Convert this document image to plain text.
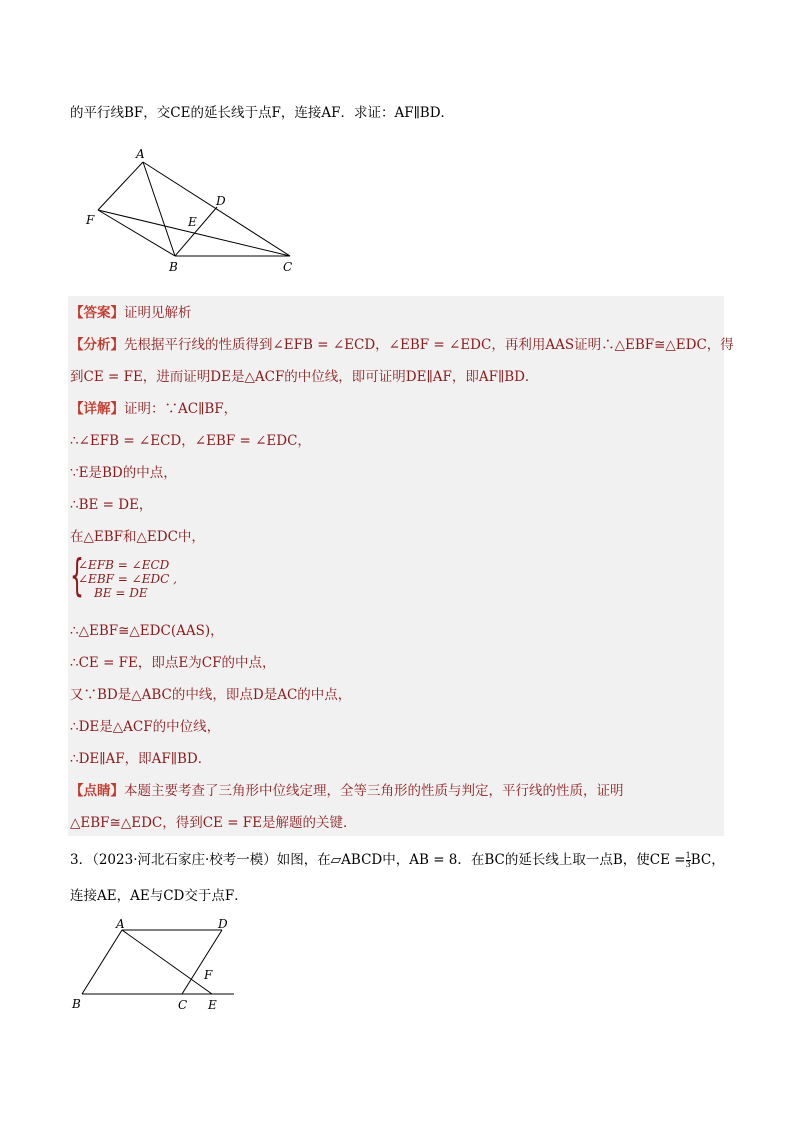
的平行线BF，交CE的延长线于点F，连接AF．求证：AF∥BD．
A
D
F	E
B	C
【答案】证明见解析
【分析】先根据平行线的性质得到∠EFB = ∠ECD，∠EBF = ∠EDC，再利用AAS证明∴△EBF≅△EDC，得
到CE = FE，进而证明DE是△ACF的中位线，即可证明DE∥AF，即AF∥BD．
【详解】证明：∵AC∥BF，
∴∠EFB = ∠ECD，∠EBF = ∠EDC，
∵E是BD的中点，
∴BE = DE，
在△EBF和△EDC中，
{
∠EFB = ∠ECD
∠EBF = ∠EDC ,
BE = DE
∴△EBF≅△EDC(AAS)，
∴CE = FE，即点E为CF的中点，
又∵BD是△ABC的中线，即点D是AC的中点，
∴DE是△ACF的中位线，
∴DE∥AF，即AF∥BD．
【点睛】本题主要考查了三角形中位线定理，全等三角形的性质与判定，平行线的性质，证明
△EBF≅△EDC，得到CE = FE是解题的关键．
3．（2023·河北石家庄·校考一模）如图，在▱ABCD中，AB = 8．在BC的延长线上取一点B，使CE = $\frac{1}{3}$ BC，
连接AE，AE与CD交于点F．
A	D
F
B	C E
